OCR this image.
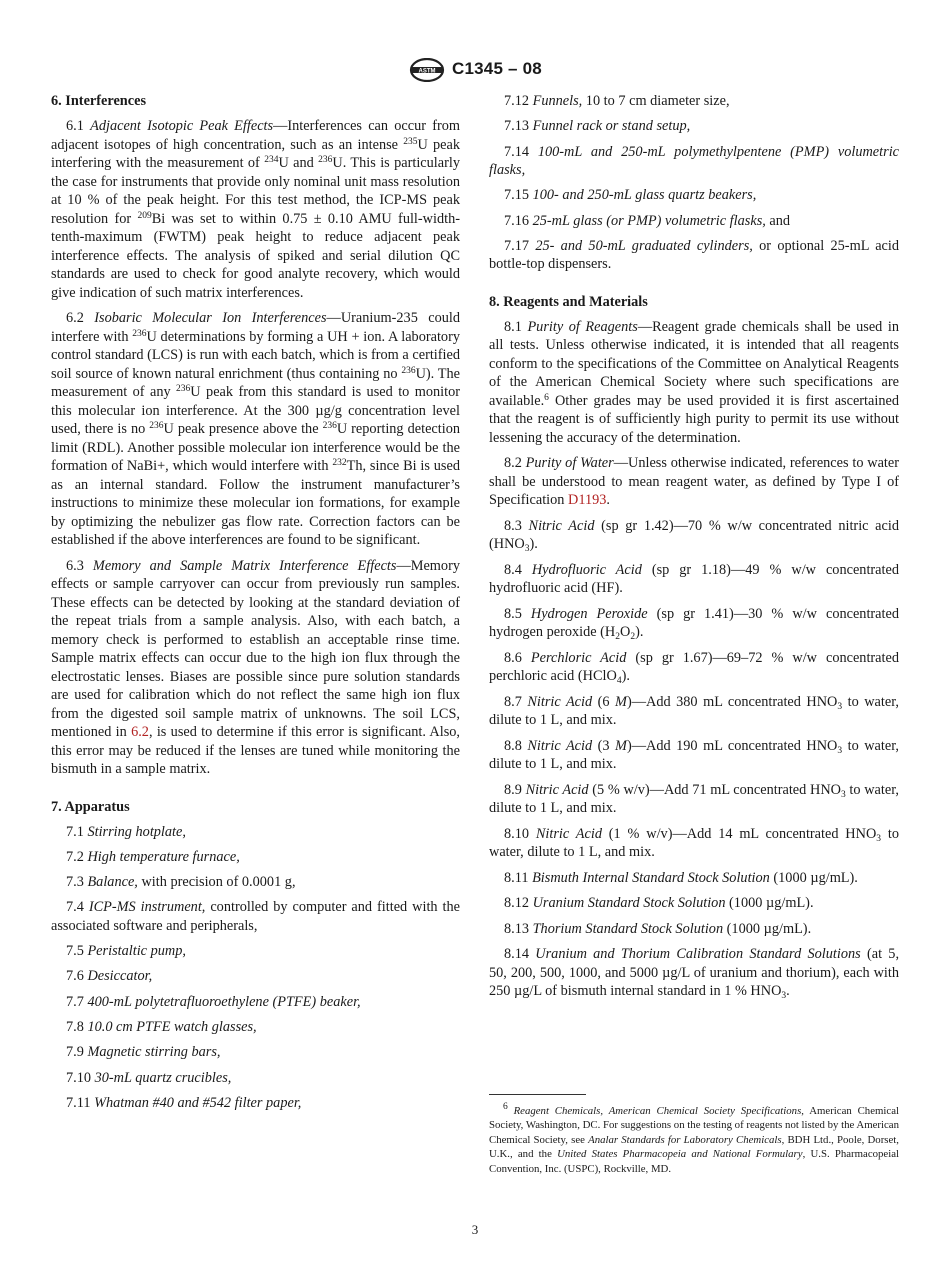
ASTM C1345 – 08
6. Interferences

6.1 Adjacent Isotopic Peak Effects—Interferences can occur from adjacent isotopes of high concentration, such as an intense $^{235}$U peak interfering with the measurement of $^{234}$U and $^{236}$U. This is particularly the case for instruments that provide only nominal unit mass resolution at 10 % of the peak height. For this test method, the ICP-MS peak resolution for $^{209}$Bi was set to within 0.75 ± 0.10 AMU full-width-tenth-maximum (FWTM) peak height to reduce adjacent peak interference effects. The analysis of spiked and serial dilution QC standards are used to check for good analyte recovery, which would give indication of such matrix interferences.

6.2 Isobaric Molecular Ion Interferences—Uranium-235 could interfere with $^{236}$U determinations by forming a UH + ion. A laboratory control standard (LCS) is run with each batch, which is from a certified soil source of known natural enrichment (thus containing no $^{236}$U). The measurement of any $^{236}$U peak from this standard is used to monitor this molecular ion interference. At the 300 µg/g concentration level used, there is no $^{236}$U peak presence above the $^{236}$U reporting detection limit (RDL). Another possible molecular ion interference would be the formation of NaBi+, which would interfere with $^{232}$Th, since Bi is used as an internal standard. Follow the instrument manufacturer’s instructions to minimize these molecular ion formations, for example by optimizing the nebulizer gas flow rate. Correction factors can be established if the above interferences are found to be significant.

6.3 Memory and Sample Matrix Interference Effects—Memory effects or sample carryover can occur from previously run samples. These effects can be detected by looking at the standard deviation of the repeat trials from a sample analysis. Also, with each batch, a memory check is performed to establish an acceptable rinse time. Sample matrix effects can occur due to the high ion flux through the electrostatic lenses. Biases are possible since pure solution standards are used for calibration which do not reflect the same high ion flux from the digested soil sample matrix of unknowns. The soil LCS, mentioned in 6.2, is used to determine if this error is significant. Also, this error may be reduced if the lenses are tuned while monitoring the bismuth in a sample matrix.

7. Apparatus

7.1 Stirring hotplate,

7.2 High temperature furnace,

7.3 Balance, with precision of 0.0001 g,

7.4 ICP-MS instrument, controlled by computer and fitted with the associated software and peripherals,

7.5 Peristaltic pump,

7.6 Desiccator,

7.7 400-mL polytetrafluoroethylene (PTFE) beaker,

7.8 10.0 cm PTFE watch glasses,

7.9 Magnetic stirring bars,

7.10 30-mL quartz crucibles,

7.11 Whatman #40 and #542 filter paper,

7.12 Funnels, 10 to 7 cm diameter size,

7.13 Funnel rack or stand setup,

7.14 100-mL and 250-mL polymethylpentene (PMP) volumetric flasks,

7.15 100- and 250-mL glass quartz beakers,

7.16 25-mL glass (or PMP) volumetric flasks, and

7.17 25- and 50-mL graduated cylinders, or optional 25-mL acid bottle-top dispensers.

8. Reagents and Materials

8.1 Purity of Reagents—Reagent grade chemicals shall be used in all tests. Unless otherwise indicated, it is intended that all reagents conform to the specifications of the Committee on Analytical Reagents of the American Chemical Society where such specifications are available.$^6$ Other grades may be used provided it is first ascertained that the reagent is of sufficiently high purity to permit its use without lessening the accuracy of the determination.

8.2 Purity of Water—Unless otherwise indicated, references to water shall be understood to mean reagent water, as defined by Type I of Specification D1193.

8.3 Nitric Acid (sp gr 1.42)—70 % w/w concentrated nitric acid $(HNO_3)$.

8.4 Hydrofluoric Acid (sp gr 1.18)—49 % w/w concentrated hydrofluoric acid (HF).

8.5 Hydrogen Peroxide (sp gr 1.41)—30 % w/w concentrated hydrogen peroxide $(H_2O_2)$.

8.6 Perchloric Acid (sp gr 1.67)—69–72 % w/w concentrated perchloric acid (HClO$_4$).

8.7 Nitric Acid (6 M)—Add 380 mL concentrated $HNO_3$ to water, dilute to 1 L, and mix.

8.8 Nitric Acid (3 M)—Add 190 mL concentrated $HNO_3$ to water, dilute to 1 L, and mix.

8.9 Nitric Acid (5 % w/v)—Add 71 mL concentrated $HNO_3$ to water, dilute to 1 L, and mix.

8.10 Nitric Acid (1 % w/v)—Add 14 mL concentrated $HNO_3$ to water, dilute to 1 L, and mix.

8.11 Bismuth Internal Standard Stock Solution (1000 µg/mL).

8.12 Uranium Standard Stock Solution (1000 µg/mL).

8.13 Thorium Standard Stock Solution (1000 µg/mL).

8.14 Uranium and Thorium Calibration Standard Solutions (at 5, 50, 200, 500, 1000, and 5000 µg/L of uranium and thorium), each with 250 µg/L of bismuth internal standard in 1 % $HNO_3$.

$^6$ Reagent Chemicals, American Chemical Society Specifications, American Chemical Society, Washington, DC. For suggestions on the testing of reagents not listed by the American Chemical Society, see Analar Standards for Laboratory Chemicals, BDH Ltd., Poole, Dorset, U.K., and the United States Pharmacopeia and National Formulary, U.S. Pharmacopeial Convention, Inc. (USPC), Rockville, MD.
3
